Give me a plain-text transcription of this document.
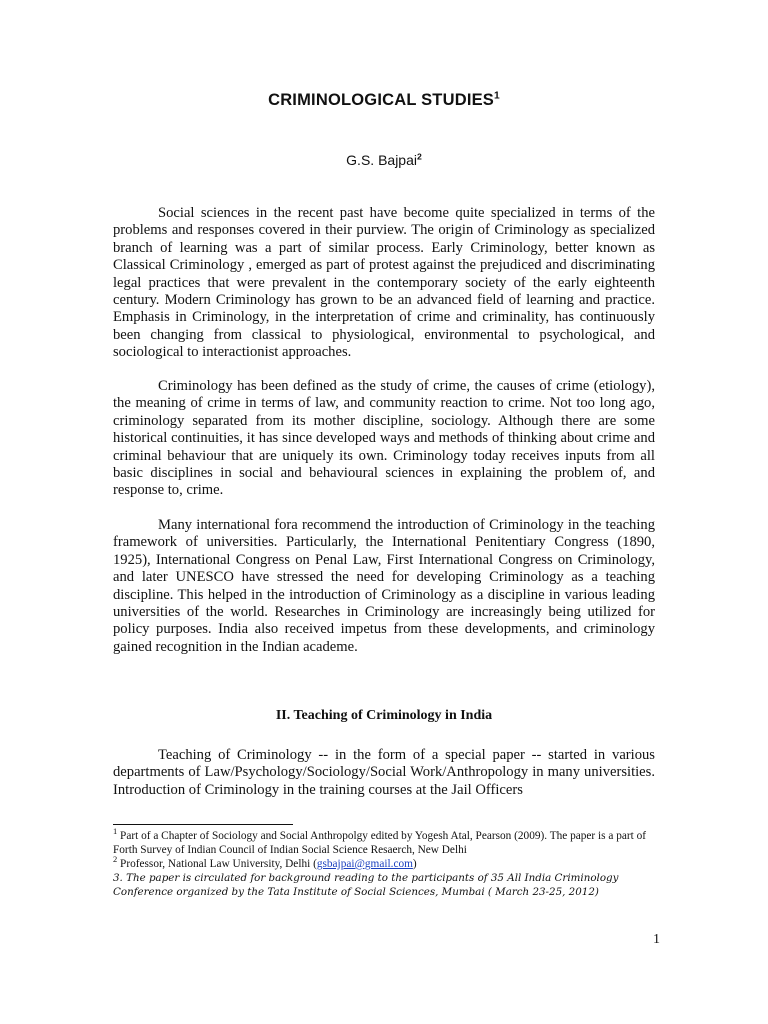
CRIMINOLOGICAL STUDIES$^1$
G.S. Bajpai$^2$

Social sciences in the recent past have become quite specialized in terms of the problems and responses covered in their purview. The origin of Criminology as specialized branch of learning was a part of similar process. Early Criminology, better known as Classical Criminology , emerged as part of protest against the prejudiced and discriminating legal practices that were prevalent in the contemporary society of the early eighteenth century. Modern Criminology has grown to be an advanced field of learning and practice. Emphasis in Criminology, in the interpretation of crime and criminality, has continuously been changing from classical to physiological, environmental to psychological, and sociological to interactionist approaches.

Criminology has been defined as the study of crime, the causes of crime (etiology), the meaning of crime in terms of law, and community reaction to crime. Not too long ago, criminology separated from its mother discipline, sociology. Although there are some historical continuities, it has since developed ways and methods of thinking about crime and criminal behaviour that are uniquely its own. Criminology today receives inputs from all basic disciplines in social and behavioural sciences in explaining the problem of, and response to, crime.

Many international fora recommend the introduction of Criminology in the teaching framework of universities. Particularly, the International Penitentiary Congress (1890, 1925), International Congress on Penal Law, First International Congress on Criminology, and later UNESCO have stressed the need for developing Criminology as a teaching discipline. This helped in the introduction of Criminology as a discipline in various leading universities of the world. Researches in Criminology are increasingly being utilized for policy purposes. India also received impetus from these developments, and criminology gained recognition in the Indian academe.

II. Teaching of Criminology in India

Teaching of Criminology -- in the form of a special paper -- started in various departments of Law/Psychology/Sociology/Social Work/Anthropology in many universities. Introduction of Criminology in the training courses at the Jail Officers

$^1$ Part of a Chapter of Sociology and Social Anthropolgy edited by Yogesh Atal, Pearson (2009). The paper is a part of Forth Survey of Indian Council of Indian Social Science Resaerch, New Delhi

$^2$ Professor, National Law University, Delhi (gsbajpai@gmail.com)

3. The paper is circulated for background reading to the participants of 35 All India Criminology Conference organized by the Tata Institute of Social Sciences, Mumbai ( March 23-25, 2012)

1
